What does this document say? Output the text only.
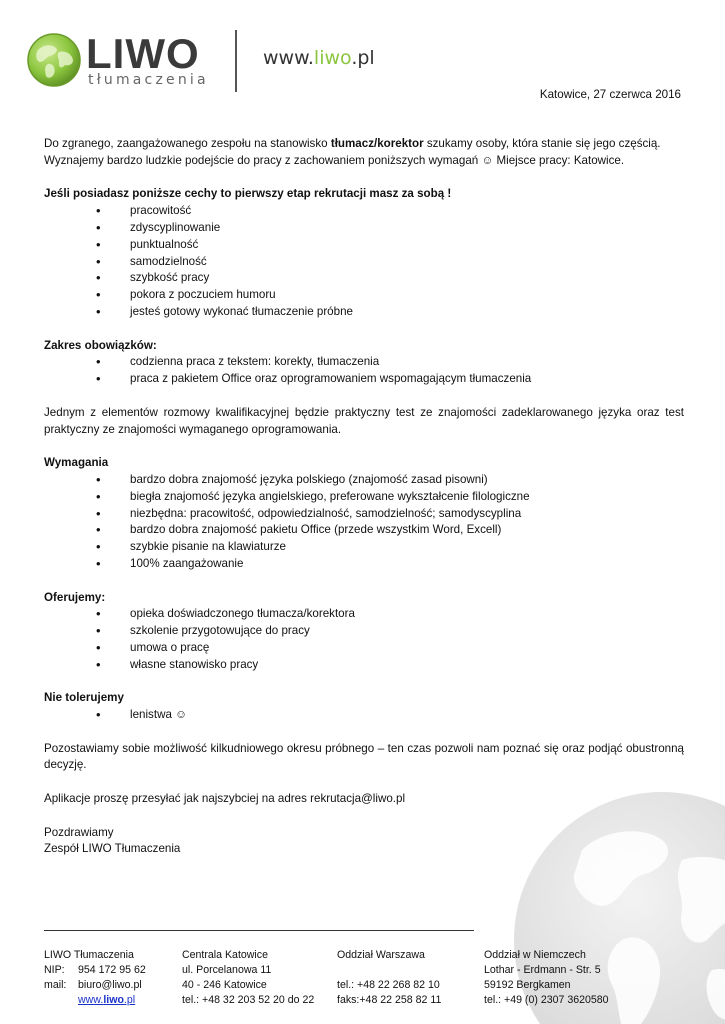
LIWO
tłumaczenia
www.liwo.pl
Katowice, 27 czerwca 2016

Do zgranego, zaangażowanego zespołu na stanowisko tłumacz/korektor szukamy osoby, która stanie się jego częścią.
Wyznajemy bardzo ludzkie podejście do pracy z zachowaniem poniższych wymagań ☺ Miejsce pracy: Katowice.

Jeśli posiadasz poniższe cechy to pierwszy etap rekrutacji masz za sobą !
• pracowitość
• zdyscyplinowanie
• punktualność
• samodzielność
• szybkość pracy
• pokora z poczuciem humoru
• jesteś gotowy wykonać tłumaczenie próbne
Zakres obowiązków:
• codzienna praca z tekstem: korekty, tłumaczenia
• praca z pakietem Office oraz oprogramowaniem wspomagającym tłumaczenia

Jednym z elementów rozmowy kwalifikacyjnej będzie praktyczny test ze znajomości zadeklarowanego języka oraz test praktyczny ze znajomości wymaganego oprogramowania.

Wymagania
• bardzo dobra znajomość języka polskiego (znajomość zasad pisowni)
• biegła znajomość języka angielskiego, preferowane wykształcenie filologiczne
• niezbędna: pracowitość, odpowiedzialność, samodzielność; samodyscyplina
• bardzo dobra znajomość pakietu Office (przede wszystkim Word, Excell)
• szybkie pisanie na klawiaturze
• 100% zaangażowanie
Oferujemy:
• opieka doświadczonego tłumacza/korektora
• szkolenie przygotowujące do pracy
• umowa o pracę
• własne stanowisko pracy
Nie tolerujemy
• lenistwa ☺

Pozostawiamy sobie możliwość kilkudniowego okresu próbnego – ten czas pozwoli nam poznać się oraz podjąć obustronną decyzję.

Aplikacje proszę przesyłać jak najszybciej na adres rekrutacja@liwo.pl

Pozdrawiamy
Zespół LIWO Tłumaczenia
LIWO Tłumaczenia
NIP: 954 172 95 62
mail: biuro@liwo.pl
www.liwo.pl
Centrala Katowice
ul. Porcelanowa 11
40 - 246 Katowice
tel.: +48 32 203 52 20 do 22
Oddział Warszawa

tel.: +48 22 268 82 10
faks:+48 22 258 82 11
Oddział w Niemczech
Lothar - Erdmann - Str. 5
59192 Bergkamen
tel.: +49 (0) 2307 3620580
